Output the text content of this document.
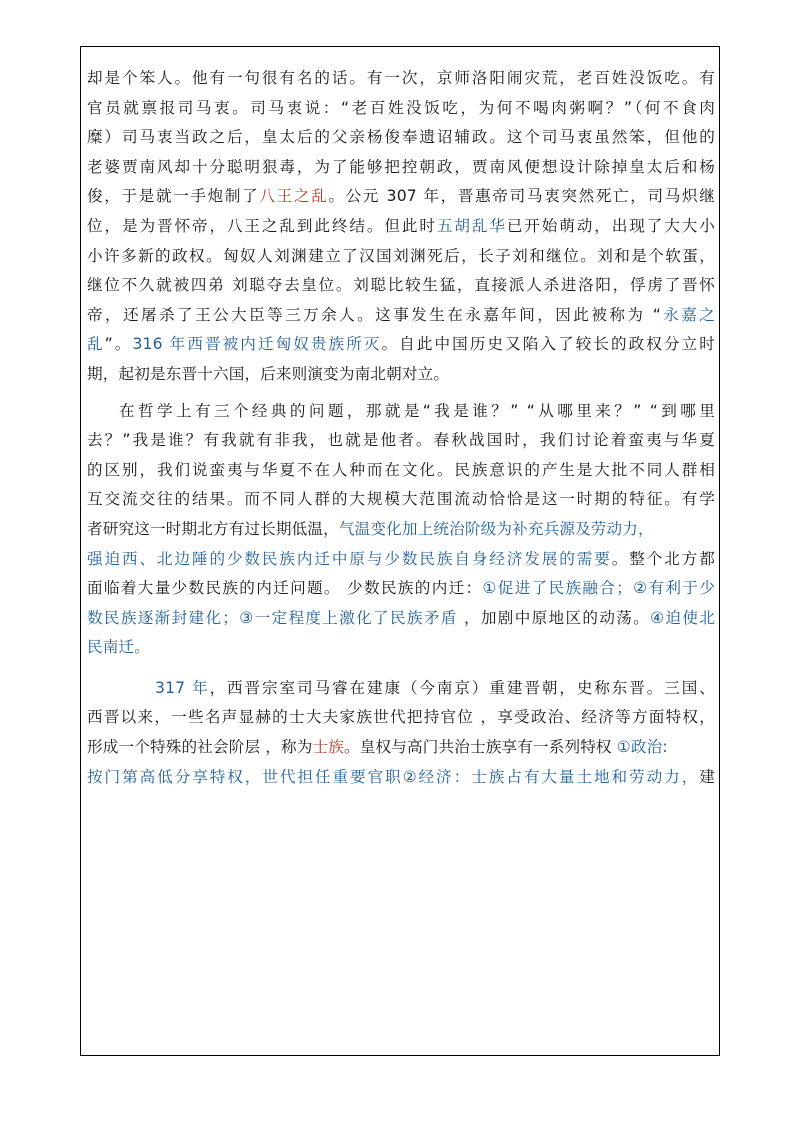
却是个笨人。他有一句很有名的话。有一次，京师洛阳闹灾荒，老百姓没饭吃。有
官员就禀报司马衷。司马衷说：“老百姓没饭吃，为何不喝肉粥啊？”（何不食肉
糜）司马衷当政之后，皇太后的父亲杨俊奉遗诏辅政。这个司马衷虽然笨，但他的
老婆贾南风却十分聪明狠毒，为了能够把控朝政，贾南风便想设计除掉皇太后和杨
俊，于是就一手炮制了八王之乱。公元 307 年，晋惠帝司马衷突然死亡，司马炽继
位，是为晋怀帝，八王之乱到此终结。但此时五胡乱华已开始萌动，出现了大大小
小许多新的政权。匈奴人刘渊建立了汉国刘渊死后，长子刘和继位。刘和是个软蛋，
继位不久就被四弟 刘聪夺去皇位。刘聪比较生猛，直接派人杀进洛阳，俘虏了晋怀
帝，还屠杀了王公大臣等三万余人。这事发生在永嘉年间，因此被称为 “永嘉之
乱”。316 年西晋被内迁匈奴贵族所灭。自此中国历史又陷入了较长的政权分立时
期，起初是东晋十六国，后来则演变为南北朝对立。
在哲学上有三个经典的问题，那就是“我是谁？” “从哪里来？” “到哪里
去？”我是谁？有我就有非我，也就是他者。春秋战国时，我们讨论着蛮夷与华夏
的区别，我们说蛮夷与华夏不在人种而在文化。民族意识的产生是大批不同人群相
互交流交往的结果。而不同人群的大规模大范围流动恰恰是这一时期的特征。有学
者研究这一时期北方有过长期低温，气温变化加上统治阶级为补充兵源及劳动力，
强迫西、北边陲的少数民族内迁中原与少数民族自身经济发展的需要。整个北方都
面临着大量少数民族的内迁问题。 少数民族的内迁：①促进了民族融合；②有利于少
数民族逐渐封建化；③一定程度上激化了民族矛盾 ，加剧中原地区的动荡。④迫使北
民南迁。
317 年，西晋宗室司马睿在建康（今南京）重建晋朝，史称东晋。三国、
西晋以来，一些名声显赫的士大夫家族世代把持官位 ，享受政治、经济等方面特权，
形成一个特殊的社会阶层 ，称为士族。皇权与高门共治士族享有一系列特权 ①政治:
按门第高低分享特权，世代担任重要官职②经济：士族占有大量土地和劳动力，建
